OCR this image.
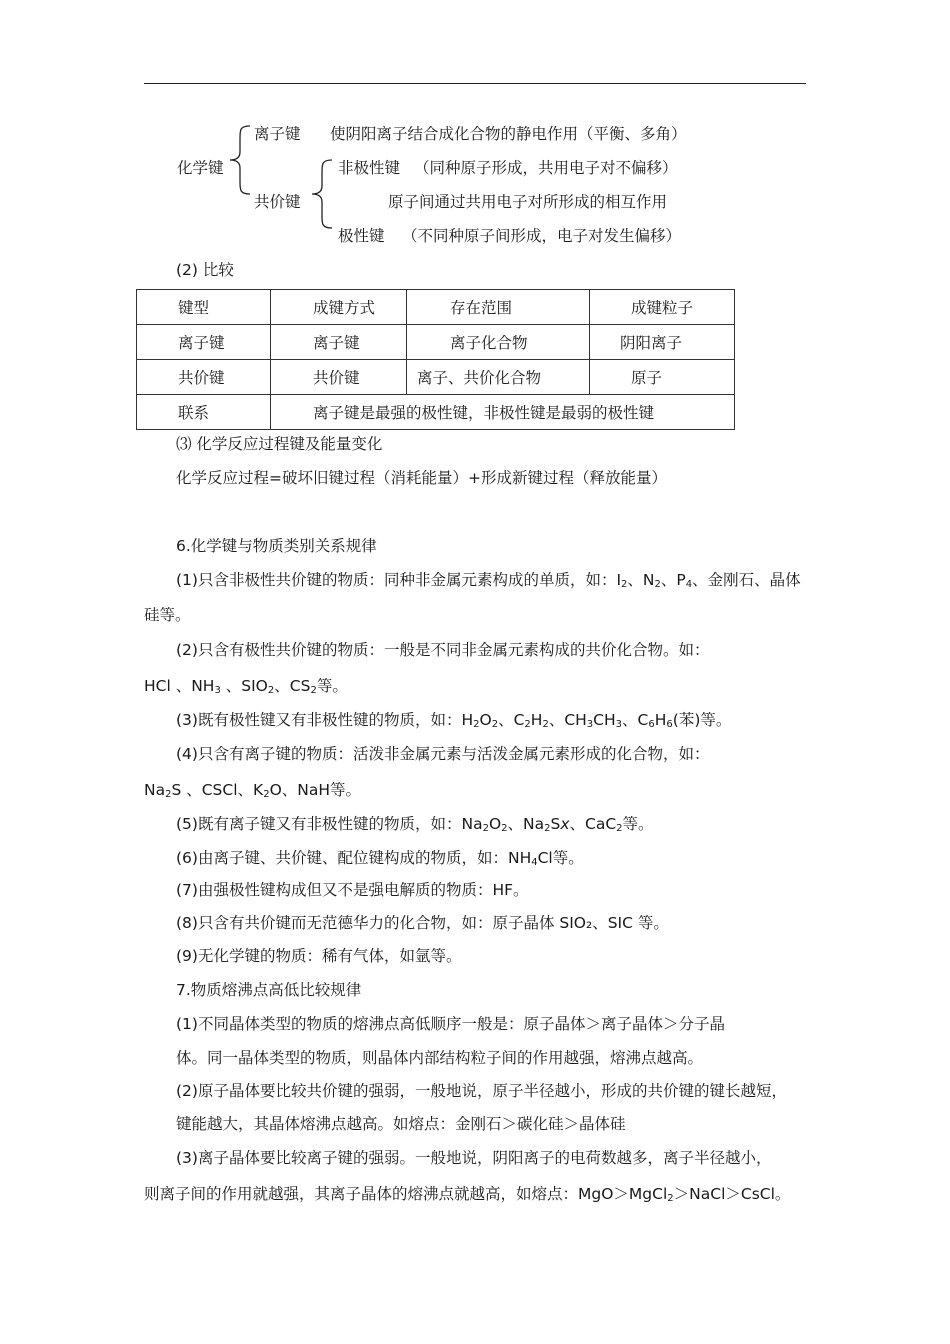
化学键
离子键 使阴阳离子结合成化合物的静电作用（平衡、多角）
共价键
非极性键 （同种原子形成，共用电子对不偏移）
原子间通过共用电子对所形成的相互作用
极性键 （不同种原子间形成，电子对发生偏移）
(2) 比较
键型	成键方式	存在范围	成键粒子

离子键	离子键	离子化合物	阴阳离子

共价键	共价键	离子、共价化合物	原子

联系	离子键是最强的极性键，非极性键是最弱的极性键		
⑶ 化学反应过程键及能量变化
化学反应过程=破坏旧键过程（消耗能量）+形成新键过程（释放能量）
6.化学键与物质类别关系规律
(1)只含非极性共价键的物质：同种非金属元素构成的单质，如：$I_2$、$N_2$、$P_4$、金刚石、晶体
硅等。
(2)只含有极性共价键的物质：一般是不同非金属元素构成的共价化合物。如：
HCl 、$NH_3$ 、$SIO_2$、$CS_2$等。
(3)既有极性键又有非极性键的物质，如：$H_2O_2$、$C_2H_2$、$CH_3CH_3$、$C_6H_6$(苯)等。
(4)只含有离子键的物质：活泼非金属元素与活泼金属元素形成的化合物，如：
$Na_2S$ 、CSCl、$K_2O$、NaH等。
(5)既有离子键又有非极性键的物质，如：$Na_2O_2$、$Na_2Sx$、CaC$_2$等。
(6)由离子键、共价键、配位键构成的物质，如：$NH_4Cl$等。
(7)由强极性键构成但又不是强电解质的物质：HF。
(8)只含有共价键而无范德华力的化合物，如：原子晶体 SIO₂、SIC 等。
(9)无化学键的物质：稀有气体，如氩等。
7.物质熔沸点高低比较规律
(1)不同晶体类型的物质的熔沸点高低顺序一般是：原子晶体＞离子晶体＞分子晶
体。同一晶体类型的物质，则晶体内部结构粒子间的作用越强，熔沸点越高。
(2)原子晶体要比较共价键的强弱，一般地说，原子半径越小，形成的共价键的键长越短，
键能越大，其晶体熔沸点越高。如熔点：金刚石＞碳化硅＞晶体硅
(3)离子晶体要比较离子键的强弱。一般地说，阴阳离子的电荷数越多，离子半径越小，
则离子间的作用就越强，其离子晶体的熔沸点就越高，如熔点：MgO＞MgCl$_2$＞NaCl＞CsCl。
